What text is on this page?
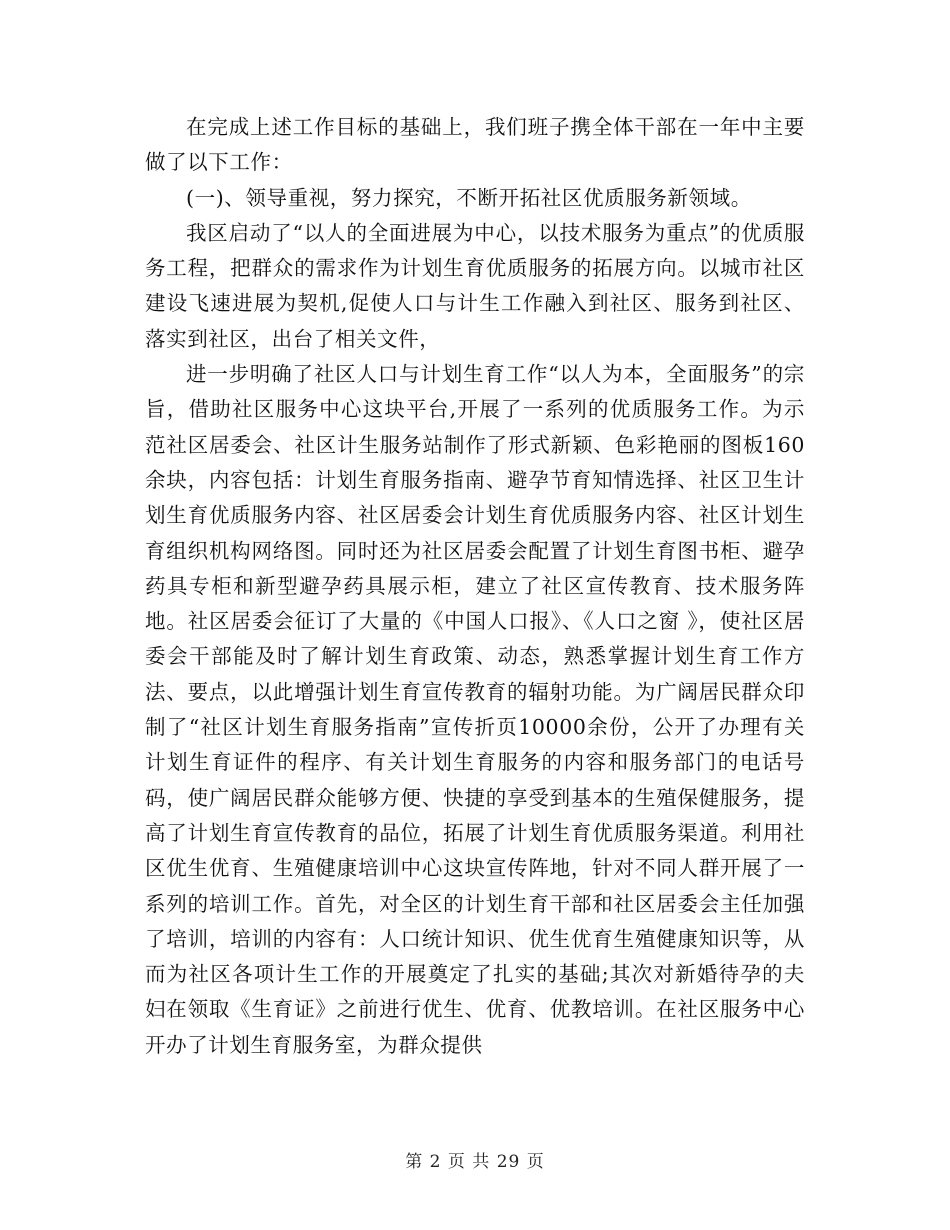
在完成上述工作目标的基础上，我们班子携全体干部在一年中主要做了以下工作：

(一)、领导重视，努力探究，不断开拓社区优质服务新领域。

我区启动了“以人的全面进展为中心，以技术服务为重点”的优质服务工程，把群众的需求作为计划生育优质服务的拓展方向。以城市社区建设飞速进展为契机,促使人口与计生工作融入到社区、服务到社区、落实到社区，出台了相关文件，

进一步明确了社区人口与计划生育工作“以人为本，全面服务”的宗旨，借助社区服务中心这块平台,开展了一系列的优质服务工作。为示范社区居委会、社区计生服务站制作了形式新颖、色彩艳丽的图板160余块，内容包括：计划生育服务指南、避孕节育知情选择、社区卫生计划生育优质服务内容、社区居委会计划生育优质服务内容、社区计划生育组织机构网络图。同时还为社区居委会配置了计划生育图书柜、避孕药具专柜和新型避孕药具展示柜，建立了社区宣传教育、技术服务阵地。社区居委会征订了大量的《中国人口报》、《人口之窗 》，使社区居委会干部能及时了解计划生育政策、动态，熟悉掌握计划生育工作方法、要点，以此增强计划生育宣传教育的辐射功能。为广阔居民群众印制了“社区计划生育服务指南”宣传折页10000余份，公开了办理有关计划生育证件的程序、有关计划生育服务的内容和服务部门的电话号码，使广阔居民群众能够方便、快捷的享受到基本的生殖保健服务，提高了计划生育宣传教育的品位，拓展了计划生育优质服务渠道。利用社区优生优育、生殖健康培训中心这块宣传阵地，针对不同人群开展了一系列的培训工作。首先，对全区的计划生育干部和社区居委会主任加强了培训，培训的内容有：人口统计知识、优生优育生殖健康知识等，从而为社区各项计生工作的开展奠定了扎实的基础;其次对新婚待孕的夫妇在领取《生育证》之前进行优生、优育、优教培训。在社区服务中心开办了计划生育服务室，为群众提供

第 2 页 共 29 页
